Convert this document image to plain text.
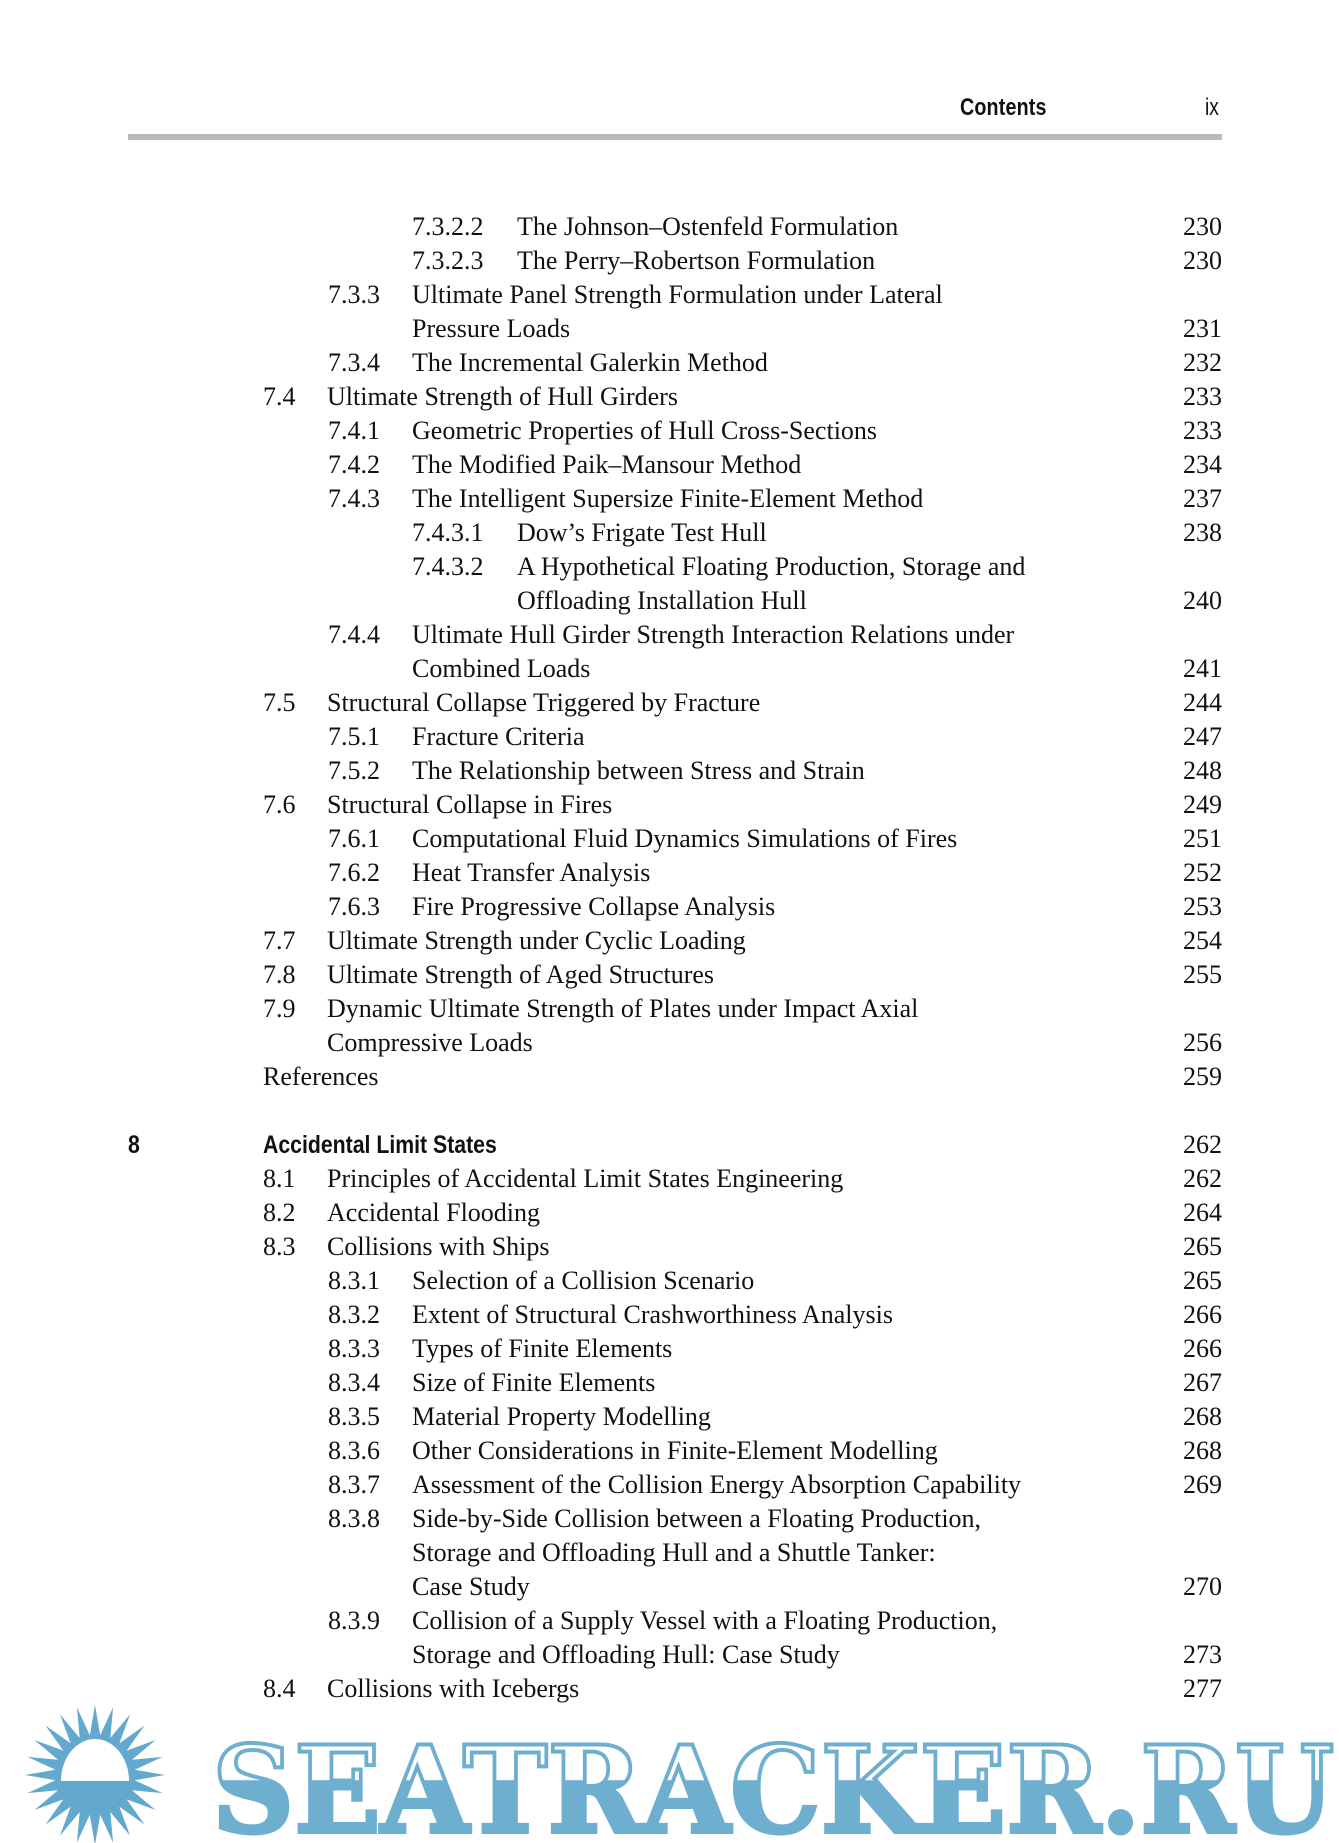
Contents	ix
7.3.2.2 The Johnson–Ostenfeld Formulation	230
7.3.2.3 The Perry–Robertson Formulation	230
7.3.3 Ultimate Panel Strength Formulation under Lateral
Pressure Loads	231
7.3.4 The Incremental Galerkin Method	232
7.4 Ultimate Strength of Hull Girders	233
7.4.1 Geometric Properties of Hull Cross-Sections	233
7.4.2 The Modified Paik–Mansour Method	234
7.4.3 The Intelligent Supersize Finite-Element Method	237
7.4.3.1 Dow’s Frigate Test Hull	238
7.4.3.2 A Hypothetical Floating Production, Storage and
Offloading Installation Hull	240
7.4.4 Ultimate Hull Girder Strength Interaction Relations under
Combined Loads	241
7.5 Structural Collapse Triggered by Fracture	244
7.5.1 Fracture Criteria	247
7.5.2 The Relationship between Stress and Strain	248
7.6 Structural Collapse in Fires	249
7.6.1 Computational Fluid Dynamics Simulations of Fires	251
7.6.2 Heat Transfer Analysis	252
7.6.3 Fire Progressive Collapse Analysis	253
7.7 Ultimate Strength under Cyclic Loading	254
7.8 Ultimate Strength of Aged Structures	255
7.9 Dynamic Ultimate Strength of Plates under Impact Axial
Compressive Loads	256
References	259
8	Accidental Limit States	262
8.1 Principles of Accidental Limit States Engineering	262
8.2 Accidental Flooding	264
8.3 Collisions with Ships	265
8.3.1 Selection of a Collision Scenario	265
8.3.2 Extent of Structural Crashworthiness Analysis	266
8.3.3 Types of Finite Elements	266
8.3.4 Size of Finite Elements	267
8.3.5 Material Property Modelling	268
8.3.6 Other Considerations in Finite-Element Modelling	268
8.3.7 Assessment of the Collision Energy Absorption Capability	269
8.3.8 Side-by-Side Collision between a Floating Production,
Storage and Offloading Hull and a Shuttle Tanker:
Case Study	270
8.3.9 Collision of a Supply Vessel with a Floating Production,
Storage and Offloading Hull: Case Study	273
8.4 Collisions with Icebergs	277
SEATRACKER.RU
